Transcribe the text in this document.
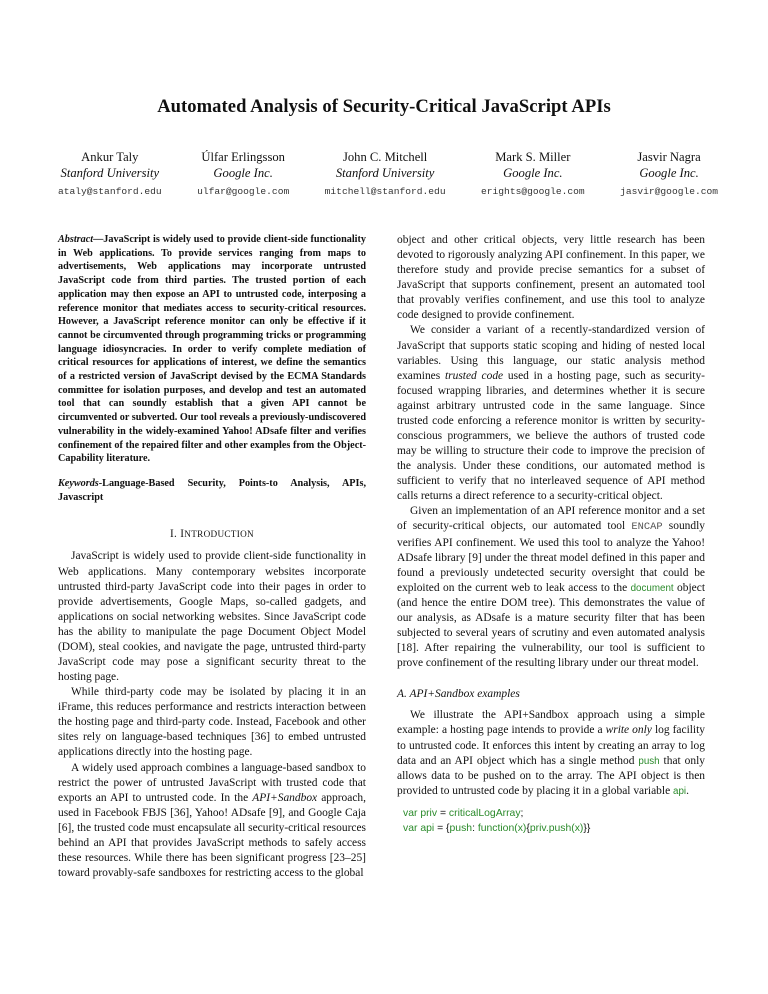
Automated Analysis of Security-Critical JavaScript APIs
Ankur Taly
Stanford University
ataly@stanford.edu
Úlfar Erlingsson
Google Inc.
ulfar@google.com
John C. Mitchell
Stanford University
mitchell@stanford.edu
Mark S. Miller
Google Inc.
erights@google.com
Jasvir Nagra
Google Inc.
jasvir@google.com
Abstract—JavaScript is widely used to provide client-side functionality in Web applications. To provide services ranging from maps to advertisements, Web applications may incorporate untrusted JavaScript code from third parties. The trusted portion of each application may then expose an API to untrusted code, interposing a reference monitor that mediates access to security-critical resources. However, a JavaScript reference monitor can only be effective if it cannot be circumvented through programming tricks or programming language idiosyncracies. In order to verify complete mediation of critical resources for applications of interest, we define the semantics of a restricted version of JavaScript devised by the ECMA Standards committee for isolation purposes, and develop and test an automated tool that can soundly establish that a given API cannot be circumvented or subverted. Our tool reveals a previously-undiscovered vulnerability in the widely-examined Yahoo! ADsafe filter and verifies confinement of the repaired filter and other examples from the Object-Capability literature.
Keywords-Language-Based Security, Points-to Analysis, APIs, Javascript
I. INTRODUCTION

JavaScript is widely used to provide client-side functionality in Web applications. Many contemporary websites incorporate untrusted third-party JavaScript code into their pages in order to provide advertisements, Google Maps, so-called gadgets, and applications on social networking websites. Since JavaScript code has the ability to manipulate the page Document Object Model (DOM), steal cookies, and navigate the page, untrusted third-party JavaScript code may pose a significant security threat to the hosting page.

While third-party code may be isolated by placing it in an iFrame, this reduces performance and restricts interaction between the hosting page and third-party code. Instead, Facebook and other sites rely on language-based techniques [36] to embed untrusted applications directly into the hosting page.

A widely used approach combines a language-based sandbox to restrict the power of untrusted JavaScript with trusted code that exports an API to untrusted code. In the API+Sandbox approach, used in Facebook FBJS [36], Yahoo! ADsafe [9], and Google Caja [6], the trusted code must encapsulate all security-critical resources behind an API that provides JavaScript methods to safely access these resources. While there has been significant progress [23–25] toward provably-safe sandboxes for restricting access to the global

object and other critical objects, very little research has been devoted to rigorously analyzing API confinement. In this paper, we therefore study and provide precise semantics for a subset of JavaScript that supports confinement, present an automated tool that provably verifies confinement, and use this tool to analyze code designed to provide confinement.

We consider a variant of a recently-standardized version of JavaScript that supports static scoping and hiding of nested local variables. Using this language, our static analysis method examines trusted code used in a hosting page, such as security-focused wrapping libraries, and determines whether it is secure against arbitrary untrusted code in the same language. Since trusted code enforcing a reference monitor is written by security-conscious programmers, we believe the authors of trusted code may be willing to structure their code to improve the precision of the analysis. Under these conditions, our automated method is sufficient to verify that no interleaved sequence of API method calls returns a direct reference to a security-critical object.

Given an implementation of an API reference monitor and a set of security-critical objects, our automated tool ENCAP soundly verifies API confinement. We used this tool to analyze the Yahoo! ADsafe library [9] under the threat model defined in this paper and found a previously undetected security oversight that could be exploited on the current web to leak access to the document object (and hence the entire DOM tree). This demonstrates the value of our analysis, as ADsafe is a mature security filter that has been subjected to several years of scrutiny and even automated analysis [18]. After repairing the vulnerability, our tool is sufficient to prove confinement of the resulting library under our threat model.

A. API+Sandbox examples

We illustrate the API+Sandbox approach using a simple example: a hosting page intends to provide a write only log facility to untrusted code. It enforces this intent by creating an array to log data and an API object which has a single method push that only allows data to be pushed on to the array. The API object is then provided to untrusted code by placing it in a global variable api.

var priv = criticalLogArray;
var api = {push: function(x){priv.push(x)}}
